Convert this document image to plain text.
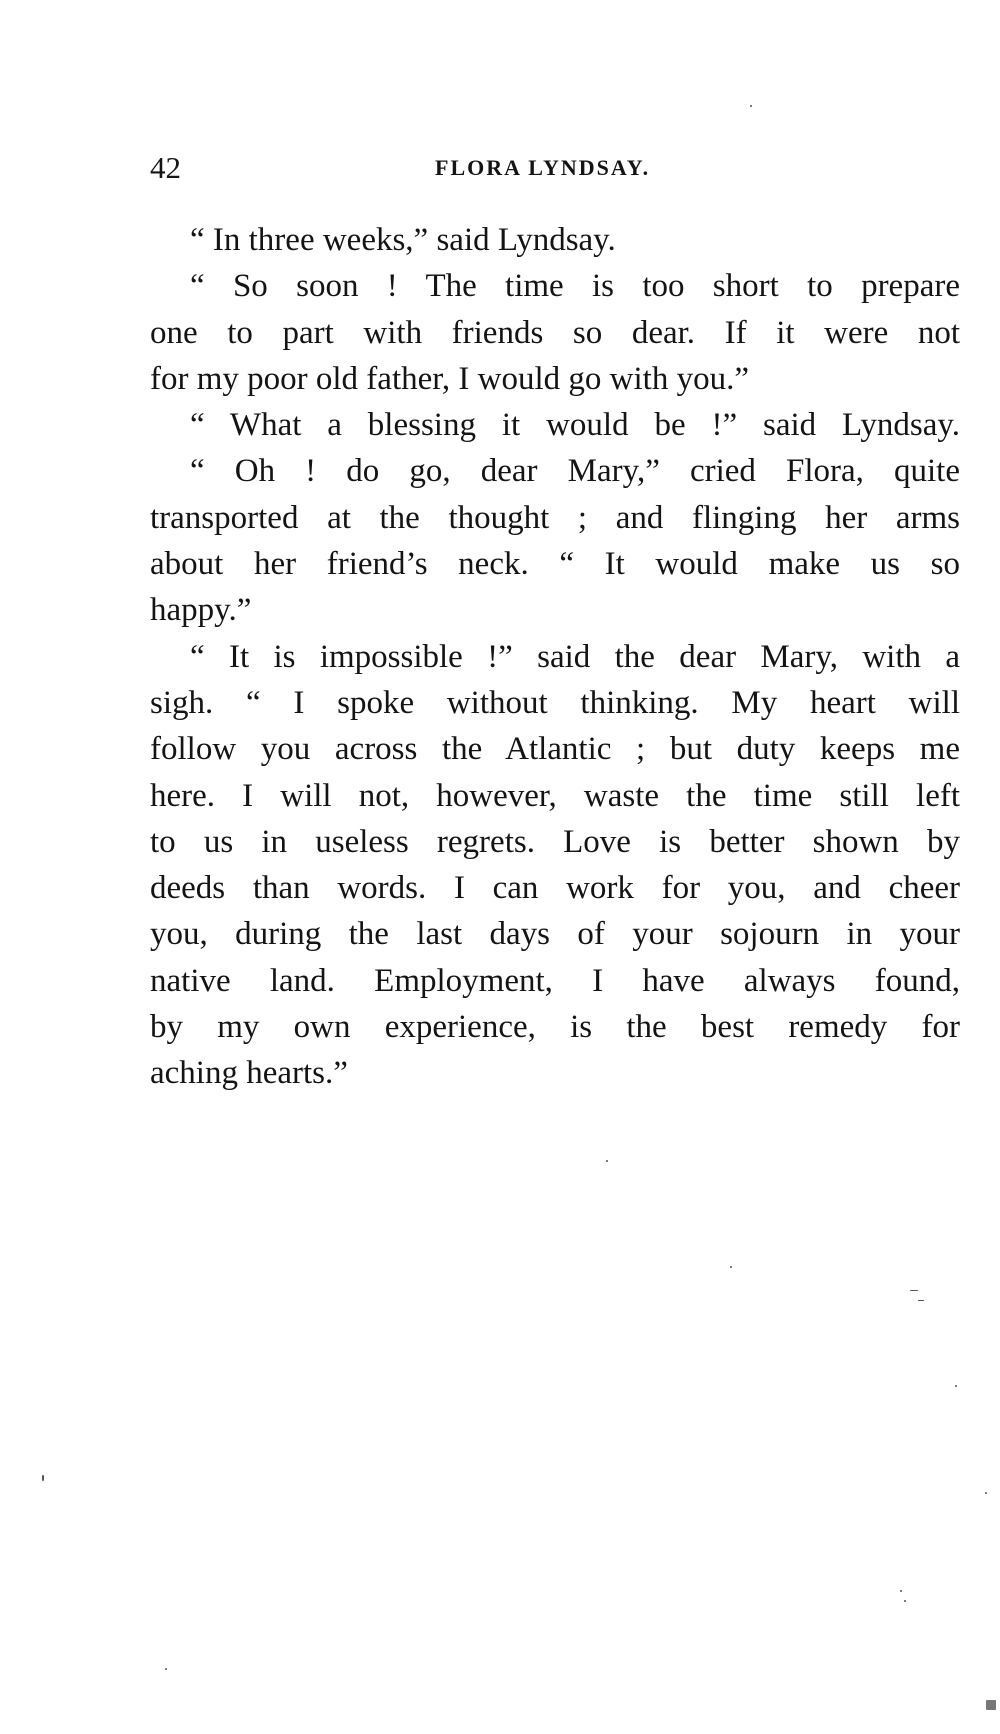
42	FLORA LYNDSAY.
“ In three weeks,” said Lyndsay.
“ So soon ! The time is too short to prepare
one to part with friends so dear. If it were not
for my poor old father, I would go with you.”
“ What a blessing it would be !” said Lyndsay.
“ Oh ! do go, dear Mary,” cried Flora, quite
transported at the thought ; and flinging her arms
about her friend’s neck. “ It would make us so
happy.”
“ It is impossible !” said the dear Mary, with a
sigh. “ I spoke without thinking. My heart will
follow you across the Atlantic ; but duty keeps me
here. I will not, however, waste the time still left
to us in useless regrets. Love is better shown by
deeds than words. I can work for you, and cheer
you, during the last days of your sojourn in your
native land. Employment, I have always found,
by my own experience, is the best remedy for
aching hearts.”
